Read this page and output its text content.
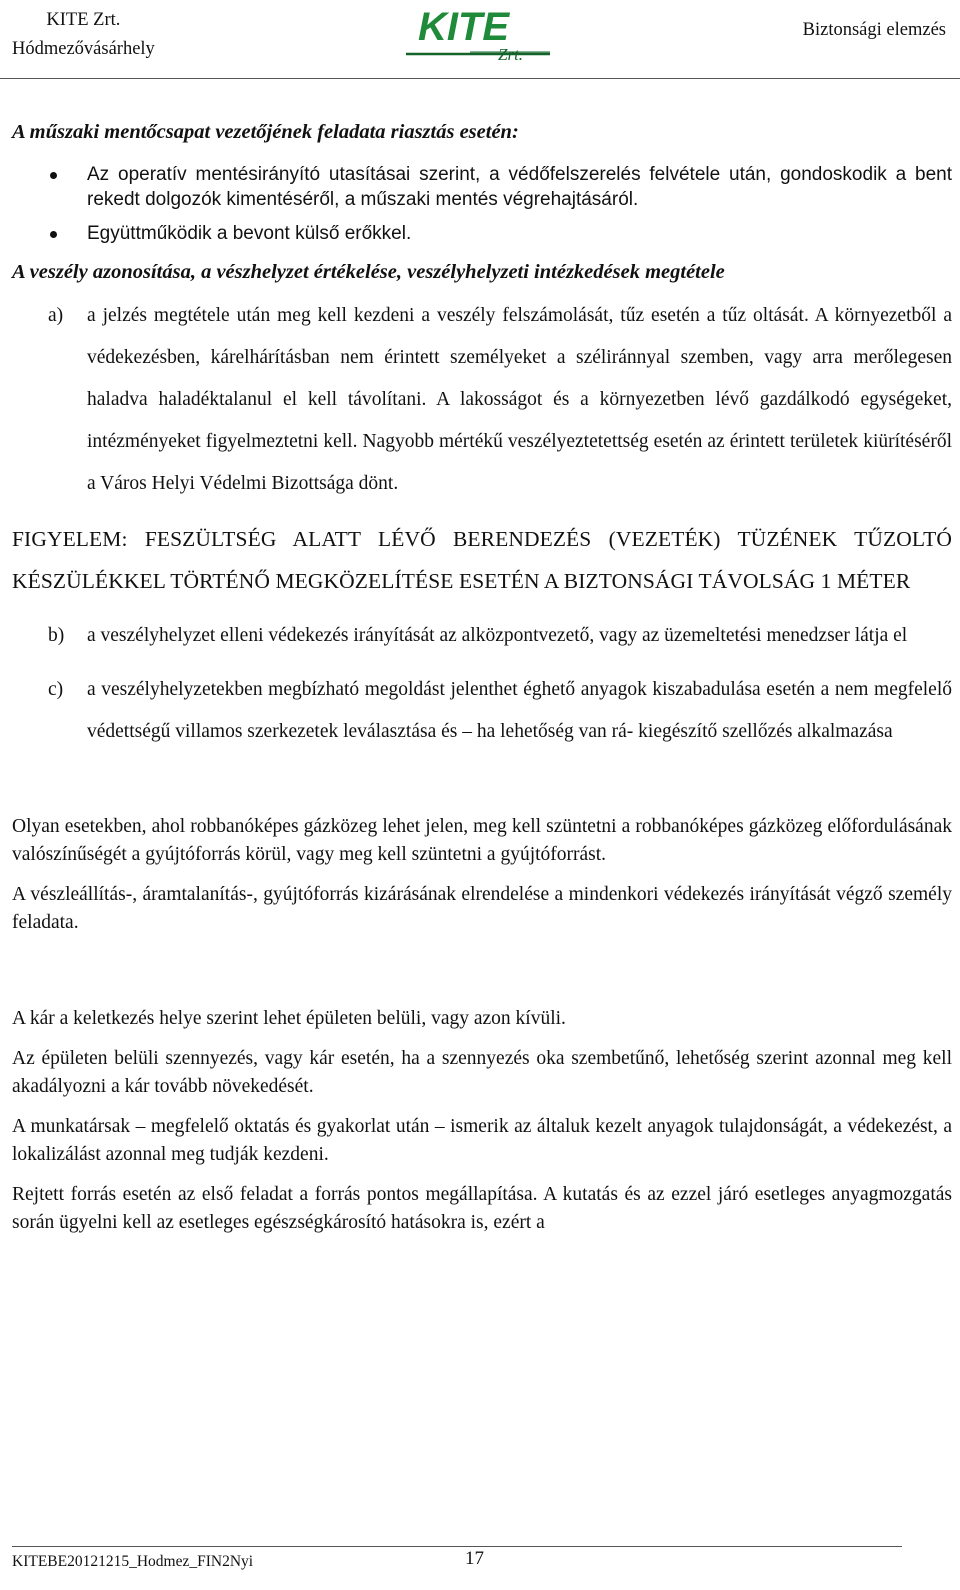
KITE Zrt.
Hódmezővásárhely	KITE
Zrt.
Biztonsági elemzés
A műszaki mentőcsapat vezetőjének feladata riasztás esetén:
Az operatív mentésirányító utasításai szerint, a védőfelszerelés felvétele után, gondoskodik a bent rekedt dolgozók kimentéséről, a műszaki mentés végrehajtásáról.
Együttműködik a bevont külső erőkkel.
A veszély azonosítása, a vészhelyzet értékelése, veszélyhelyzeti intézkedések megtétele
a) a jelzés megtétele után meg kell kezdeni a veszély felszámolását, tűz esetén a tűz oltását. A környezetből a védekezésben, kárelhárításban nem érintett személyeket a széliránnyal szemben, vagy arra merőlegesen haladva haladéktalanul el kell távolítani. A lakosságot és a környezetben lévő gazdálkodó egységeket, intézményeket figyelmeztetni kell. Nagyobb mértékű veszélyeztetettség esetén az érintett területek kiürítéséről a Város Helyi Védelmi Bizottsága dönt.
FIGYELEM: FESZÜLTSÉG ALATT LÉVŐ BERENDEZÉS (VEZETÉK) TÜZÉNEK TŰZOLTÓ KÉSZÜLÉKKEL TÖRTÉNŐ MEGKÖZELÍTÉSE ESETÉN A BIZTONSÁGI TÁVOLSÁG 1 MÉTER
b) a veszélyhelyzet elleni védekezés irányítását az alközpontvezető, vagy az üzemeltetési menedzser látja el
c) a veszélyhelyzetekben megbízható megoldást jelenthet éghető anyagok kiszabadulása esetén a nem megfelelő védettségű villamos szerkezetek leválasztása és – ha lehetőség van rá- kiegészítő szellőzés alkalmazása

Olyan esetekben, ahol robbanóképes gázközeg lehet jelen, meg kell szüntetni a robbanóképes gázközeg előfordulásának valószínűségét a gyújtóforrás körül, vagy meg kell szüntetni a gyújtóforrást.

A vészleállítás-, áramtalanítás-, gyújtóforrás kizárásának elrendelése a mindenkori védekezés irányítását végző személy feladata.

A kár a keletkezés helye szerint lehet épületen belüli, vagy azon kívüli.

Az épületen belüli szennyezés, vagy kár esetén, ha a szennyezés oka szembetűnő, lehetőség szerint azonnal meg kell akadályozni a kár tovább növekedését.

A munkatársak – megfelelő oktatás és gyakorlat után – ismerik az általuk kezelt anyagok tulajdonságát, a védekezést, a lokalizálást azonnal meg tudják kezdeni.

Rejtett forrás esetén az első feladat a forrás pontos megállapítása. A kutatás és az ezzel járó esetleges anyagmozgatás során ügyelni kell az esetleges egészségkárosító hatásokra is, ezért a

KITEBE20121215_Hodmez_FIN2Nyi	17
